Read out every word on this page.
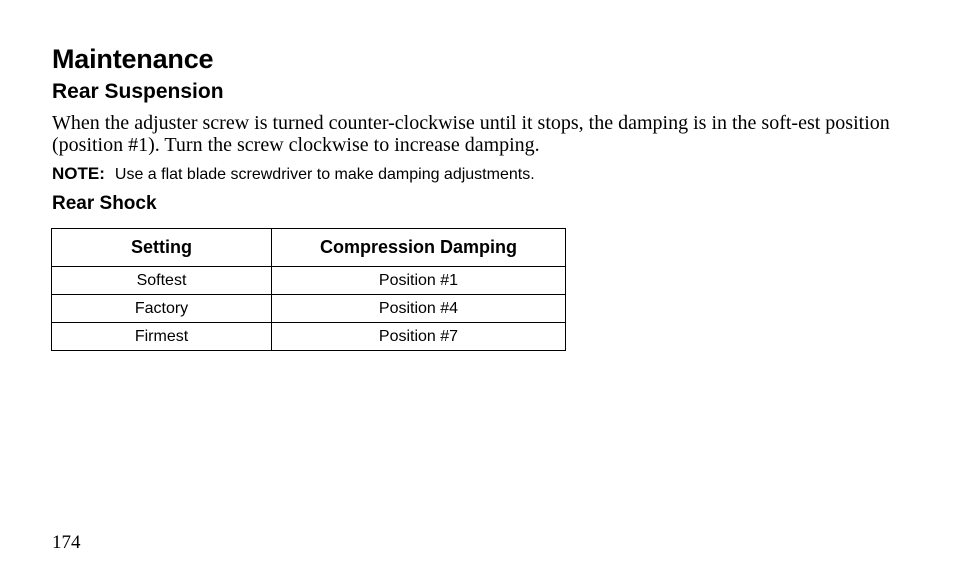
Maintenance
Rear Suspension

When the adjuster screw is turned counter-clockwise until it stops, the damping is in the soft-est position (position #1). Turn the screw clockwise to increase damping.

NOTE: Use a flat blade screwdriver to make damping adjustments.

Rear Shock
Setting	Compression Damping
Softest	Position #1
Factory	Position #4
Firmest	Position #7

174
